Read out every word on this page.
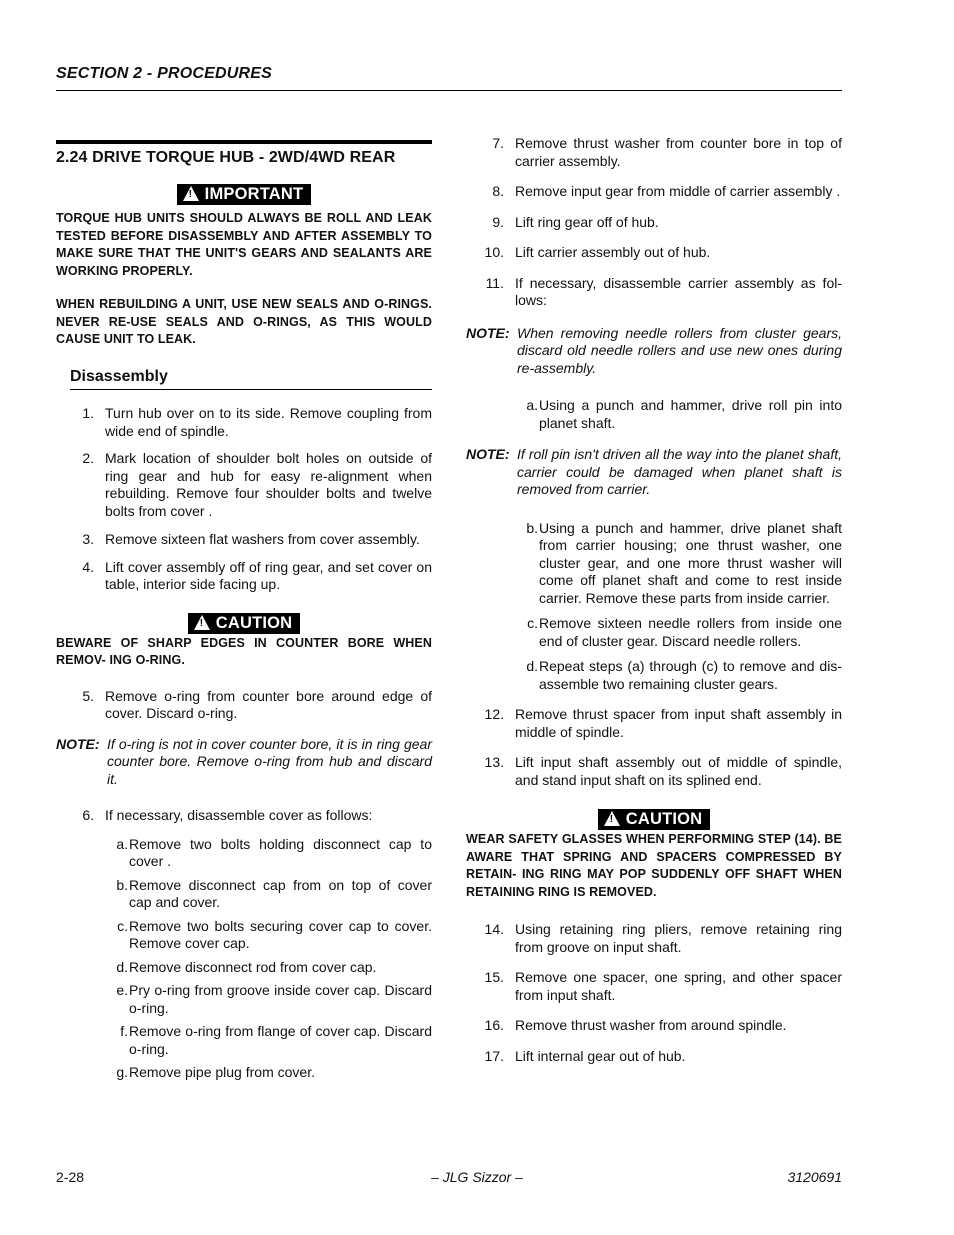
SECTION 2 - PROCEDURES
2.24 DRIVE TORQUE HUB - 2WD/4WD REAR
! IMPORTANT
TORQUE HUB UNITS SHOULD ALWAYS BE ROLL AND LEAK TESTED BEFORE DISASSEMBLY AND AFTER ASSEMBLY TO MAKE SURE THAT THE UNIT'S GEARS AND SEALANTS ARE WORKING PROPERLY.
WHEN REBUILDING A UNIT, USE NEW SEALS AND O-RINGS. NEVER RE-USE SEALS AND O-RINGS, AS THIS WOULD CAUSE UNIT TO LEAK.
Disassembly
1. Turn hub over on to its side. Remove coupling from wide end of spindle.
2. Mark location of shoulder bolt holes on outside of ring gear and hub for easy re-alignment when rebuilding. Remove four shoulder bolts and twelve bolts from cover .
3. Remove sixteen flat washers from cover assembly.
4. Lift cover assembly off of ring gear, and set cover on table, interior side facing up.
! CAUTION
BEWARE OF SHARP EDGES IN COUNTER BORE WHEN REMOV- ING O-RING.
5. Remove o-ring from counter bore around edge of cover. Discard o-ring.
NOTE: If o-ring is not in cover counter bore, it is in ring gear counter bore. Remove o-ring from hub and discard it.
6. If necessary, disassemble cover as follows:
a. Remove two bolts holding disconnect cap to cover .
b. Remove disconnect cap from on top of cover cap and cover.
c. Remove two bolts securing cover cap to cover. Remove cover cap.
d. Remove disconnect rod from cover cap.
e. Pry o-ring from groove inside cover cap. Discard o-ring.
f. Remove o-ring from flange of cover cap. Discard o-ring.
g. Remove pipe plug from cover.
7. Remove thrust washer from counter bore in top of carrier assembly.
8. Remove input gear from middle of carrier assembly .
9. Lift ring gear off of hub.
10. Lift carrier assembly out of hub.
11. If necessary, disassemble carrier assembly as fol- lows:
NOTE: When removing needle rollers from cluster gears, discard old needle rollers and use new ones during re-assembly.
a. Using a punch and hammer, drive roll pin into planet shaft.
NOTE: If roll pin isn't driven all the way into the planet shaft, carrier could be damaged when planet shaft is removed from carrier.
b. Using a punch and hammer, drive planet shaft from carrier housing; one thrust washer, one cluster gear, and one more thrust washer will come off planet shaft and come to rest inside carrier. Remove these parts from inside carrier.
c. Remove sixteen needle rollers from inside one end of cluster gear. Discard needle rollers.
d. Repeat steps (a) through (c) to remove and dis- assemble two remaining cluster gears.
12. Remove thrust spacer from input shaft assembly in middle of spindle.
13. Lift input shaft assembly out of middle of spindle, and stand input shaft on its splined end.
! CAUTION
WEAR SAFETY GLASSES WHEN PERFORMING STEP (14). BE AWARE THAT SPRING AND SPACERS COMPRESSED BY RETAIN- ING RING MAY POP SUDDENLY OFF SHAFT WHEN RETAINING RING IS REMOVED.
14. Using retaining ring pliers, remove retaining ring from groove on input shaft.
15. Remove one spacer, one spring, and other spacer from input shaft.
16. Remove thrust washer from around spindle.
17. Lift internal gear out of hub.
2-28	– JLG Sizzor –	3120691
